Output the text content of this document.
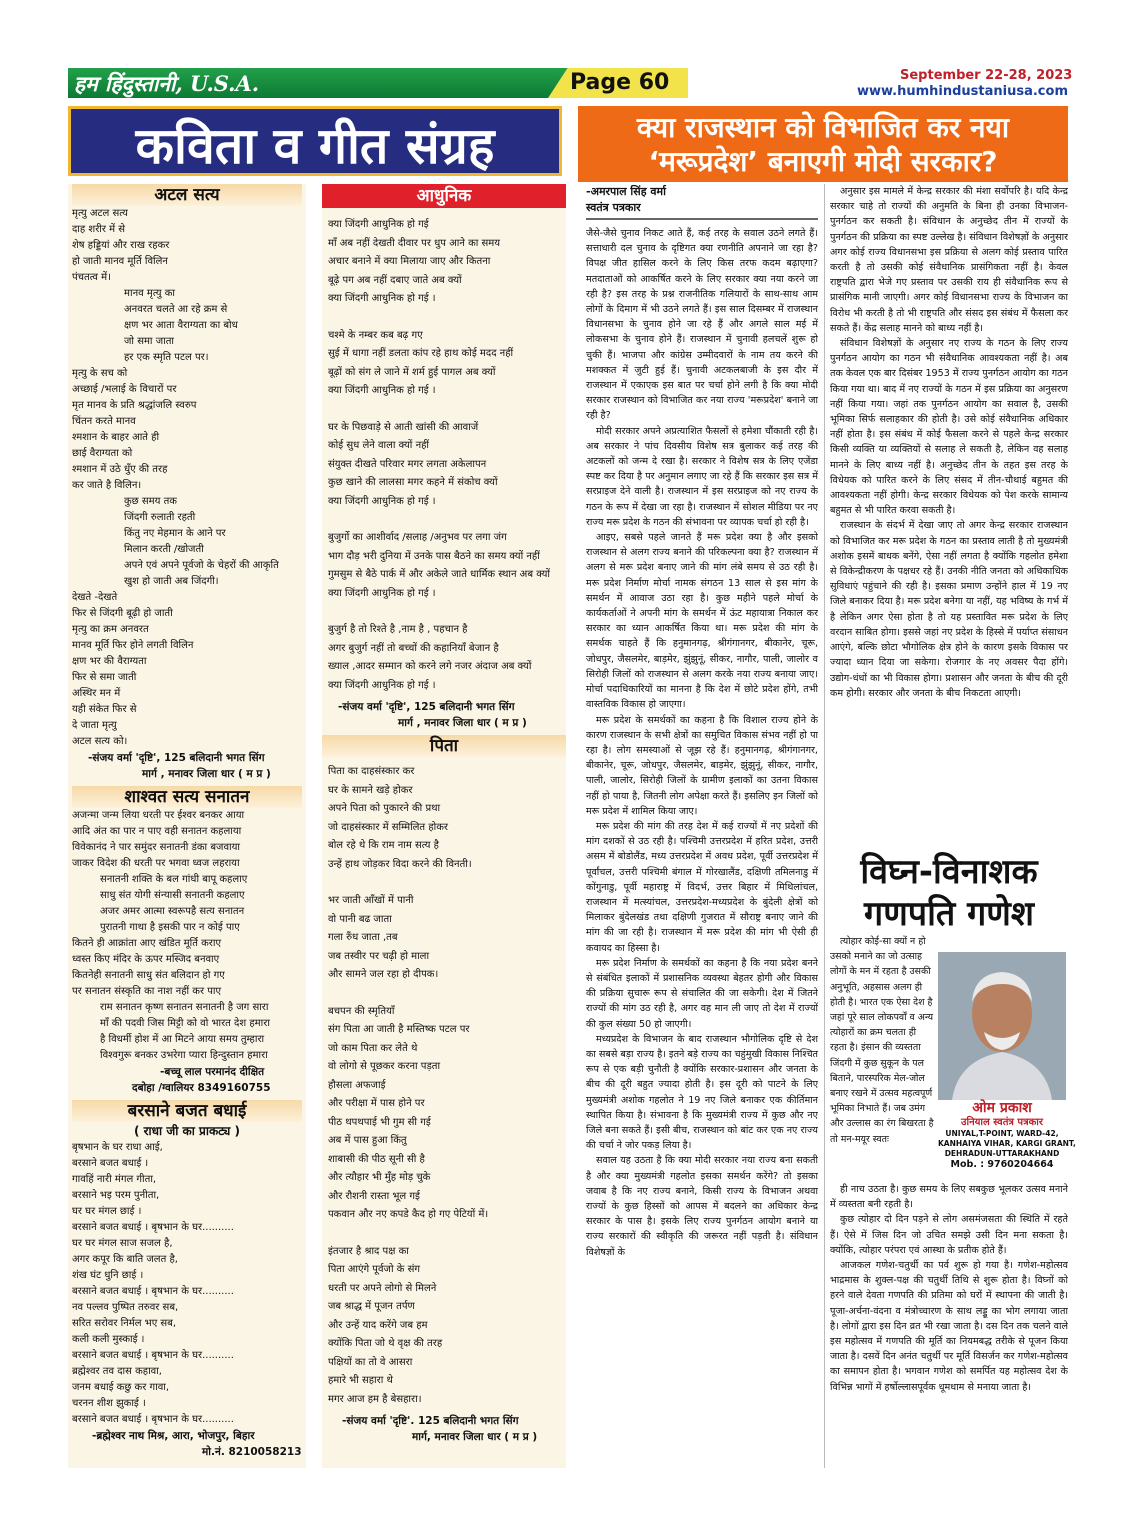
हम हिंदुस्तानी, U.S.A.	Page 60	September 22-28, 2023
www.humhindustaniusa.com
कविता व गीत संग्रह	क्या राजस्थान को विभाजित कर नया
‘मरूप्रदेश’ बनाएगी मोदी सरकार?
अटल सत्य
मृत्यु अटल सत्य
दाह शरीर में से
शेष हड्डियां और राख रहकर
हो जाती मानव मूर्ति विलिन
पंचतत्व में।
मानव मृत्यु का
अनवरत चलते आ रहे क्रम से
क्षण भर आता वैराग्यता का बोध
जो समा जाता
हर एक स्मृति पटल पर।
मृत्यु के सच को
अच्छाई /भलाई के विचारों पर
मृत मानव के प्रति श्रद्धांजलि स्वरुप
चिंतन करते मानव
श्मशान के बाहर आते ही
छाई वैराग्यता को
श्मशान में उठे धुँए की तरह
कर जाते है विलिन।
कुछ समय तक
जिंदगी रुलाती रहती
किंतु नए मेहमान के आने पर
मिलान करती /खोजती
अपने एवं अपने पूर्वजो के चेहरों की आकृति
खुश हो जाती अब जिंदगी।
देखते -देखते
फिर से जिंदगी बूढ़ी हो जाती
मृत्यु का क्रम अनवरत
मानव मूर्ति फिर होने लगती विलिन
क्षण भर की वैराग्यता
फिर से समा जाती
अस्थिर मन में
यही संकेत फिर से
दे जाता मृत्यु
अटल सत्य को।
-संजय वर्मा 'दृष्टि', 125 बलिदानी भगत सिंग
मार्ग , मनावर जिला धार ( म प्र )
शाश्वत सत्य सनातन
अजन्मा जन्म लिया धरती पर ईश्वर बनकर आया
आदि अंत का पार न पाए वही सनातन कहलाया
विवेकानंद ने पार समुंदर सनातनी डंका बजवाया
जाकर विदेश की धरती पर भगवा ध्वज लहराया
सनातनी शक्ति के बल गांधी बापू कहलाए
साधु संत योगी संन्यासी सनातनी कहलाए
अजर अमर आत्मा स्वरूपहै सत्य सनातन
पुरातनी गाथा है इसकी पार न कोई पाए
कितने ही आक्रांता आए खंडित मूर्ति कराए
ध्वस्त किए मंदिर के ऊपर मस्जिद बनवाए
कितनेही सनातनी साधु संत बलिदान हो गए
पर सनातन संस्कृति का नाश नहीं कर पाए
राम सनातन कृष्ण सनातन सनातनी है जग सारा
माँ की पदवी जिस मिट्टी को वो भारत देश हमारा
है विधर्मी होश में आ मिटने आया समय तुम्हारा
विश्वगुरू बनकर उभरेगा प्यारा हिन्दुस्तान हमारा
-बच्चू लाल परमानंद दीक्षित
दबोहा /ग्वालियर 8349160755
बरसाने बजत बधाई
( राधा जी का प्राकट्य )
बृषभान के घर राधा आई,
बरसाने बजत बधाई ।
गावहिं नारी मंगल गीता,
बरसाने भइ परम पुनीता,
घर घर मंगल छाई ।
बरसाने बजत बधाई । बृषभान के घर..........
घर घर मंगल साज सजल है,
अगर कपूर कि बाति जलत है,
शंख घंट धुनि छाई ।
बरसाने बजत बधाई । बृषभान के घर..........
नव पल्लव पुष्पित तरुवर सब,
सरित सरोवर निर्मल भए सब,
कली कली मुस्काई ।
बरसाने बजत बधाई । बृषभान के घर..........
ब्रह्मेश्वर तव दास कहावा,
जनम बधाई कछु कर गावा,
चरनन शीश झुकाई ।
बरसाने बजत बधाई । बृषभान के घर..........
-ब्रह्मेश्वर नाथ मिश्र, आरा, भोजपुर, बिहार
मो.नं. 8210058213
आधुनिक
क्या जिंदगी आधुनिक हो गई
माँ अब नहीं देखती दीवार पर धुप आने का समय
अचार बनाने में क्या मिलाया जाए और कितना
बूढ़े पग अब नहीं दबाए जाते अब क्यों
क्या जिंदगी आधुनिक हो गई ।
चश्मे के नम्बर कब बढ़ गए
सुई में धागा नहीं डलता कांप रहे हाथ कोई मदद नहीं
बूढ़ों को संग ले जाने में शर्म हुई पागल अब क्यों
क्या जिंदगी आधुनिक हो गई ।
घर के पिछवाड़े से आती खांसी की आवाजें
कोई सुध लेने वाला क्यों नहीं
संयुक्त दीखते परिवार मगर लगता अकेलापन
कुछ खाने की लालसा मगर कहने में संकोच क्यों
क्या जिंदगी आधुनिक हो गई ।
बुजुर्गो का आशीर्वाद /सलाह /अनुभव पर लगा जंग
भाग दौड़ भरी दुनिया में उनके पास बैठने का समय क्यों नहीं
गुमसुम से बैठे पार्क में और अकेले जाते धार्मिक स्थान अब क्यों
क्या जिंदगी आधुनिक हो गई ।
बुजुर्ग है तो रिश्ते है ,नाम है , पहचान है
अगर बुजुर्ग नहीं तो बच्चों की कहानियाँ बेजान है
ख्याल ,आदर सम्मान को करने लगे नजर अंदाज अब क्यों
क्या जिंदगी आधुनिक हो गई ।
-संजय वर्मा 'दृष्टि', 125 बलिदानी भगत सिंग
मार्ग , मनावर जिला धार ( म प्र )
पिता
पिता का दाहसंस्कार कर
घर के सामने खड़े होकर
अपने पिता को पुकारने की प्रथा
जो दाहसंस्कार में सम्मिलित होकर
बोल रहे थे कि राम नाम सत्य है
उन्हें हाथ जोड़कर विदा करने की विनती।
भर जाती आँखों में पानी
वो पानी बढ जाता
गला रुँध जाता ,तब
जब तस्वीर पर चढ़ी हो माला
और सामने जल रहा हो दीपक।
बचपन की स्मृतियाँ
संग पिता आ जाती है मस्तिष्क पटल पर
जो काम पिता कर लेते थे
वो लोगो से पूछकर करना पड़ता
हौसला अफजाई
और परीक्षा में पास होने पर
पीठ थपथपाई भी गुम सी गई
अब में पास हुआ किंतु
शाबासी की पीठ सूनी सी है
और त्यौहार भी मुँह मोड़ चुके
और रौशनी रास्ता भूल गई
पकवान और नए कपडे कैद हो गए पेटियों में।
इंतजार है श्राद पक्ष का
पिता आएंगे पूर्वजो के संग
धरती पर अपने लोगो से मिलने
जब श्राद्ध में पूजन तर्पण
और उन्हें याद करेंगे जब हम
क्योंकि पिता जो थे वृक्ष की तरह
पक्षियों का तो वे आसरा
हमारे भी सहारा थे
मगर आज हम है बेसहारा।
-संजय वर्मा 'दृष्टि'. 125 बलिदानी भगत सिंग
मार्ग, मनावर जिला धार ( म प्र )
-अमरपाल सिंह वर्मा
स्वतंत्र पत्रकार

जैसे-जैसे चुनाव निकट आते हैं, कई तरह के सवाल उठने लगते हैं। सत्ताधारी दल चुनाव के दृष्टिगत क्या रणनीति अपनाने जा रहा है? विपक्ष जीत हासिल करने के लिए किस तरफ कदम बढ़ाएगा? मतदाताओं को आकर्षित करने के लिए सरकार क्या नया करने जा रही है? इस तरह के प्रश्न राजनीतिक गलियारों के साथ-साथ आम लोगों के दिमाग में भी उठने लगते हैं। इस साल दिसम्बर में राजस्थान विधानसभा के चुनाव होने जा रहे हैं और अगले साल मई में लोकसभा के चुनाव होने हैं। राजस्थान में चुनावी हलचलें शुरू हो चुकी हैं। भाजपा और कांग्रेस उम्मीदवारों के नाम तय करने की मशक्कत में जुटी हुई हैं। चुनावी अटकलबाजी के इस दौर में राजस्थान में एकाएक इस बात पर चर्चा होने लगी है कि क्या मोदी सरकार राजस्थान को विभाजित कर नया राज्य 'मरूप्रदेश' बनाने जा रही है?

मोदी सरकार अपने अप्रत्याशित फैसलों से हमेशा चौंकाती रही है। अब सरकार ने पांच दिवसीय विशेष सत्र बुलाकर कई तरह की अटकलों को जन्म दे रखा है। सरकार ने विशेष सत्र के लिए एजेंडा स्पष्ट कर दिया है पर अनुमान लगाए जा रहे हैं कि सरकार इस सत्र में सरप्राइज देने वाली है। राजस्थान में इस सरप्राइज को नए राज्य के गठन के रूप में देखा जा रहा है। राजस्थान में सोशल मीडिया पर नए राज्य मरू प्रदेश के गठन की संभावना पर व्यापक चर्चा हो रही है।

आइए, सबसे पहले जानते हैं मरू प्रदेश क्या है और इसको राजस्थान से अलग राज्य बनाने की परिकल्पना क्या है? राजस्थान में अलग से मरू प्रदेश बनाए जाने की मांग लंबे समय से उठ रही है। मरू प्रदेश निर्माण मोर्चा नामक संगठन 13 साल से इस मांग के समर्थन में आवाज उठा रहा है। कुछ महीने पहले मोर्चा के कार्यकर्ताओं ने अपनी मांग के समर्थन में ऊंट महायात्रा निकाल कर सरकार का ध्यान आकर्षित किया था। मरू प्रदेश की मांग के समर्थक चाहते हैं कि हनुमानगढ़, श्रीगंगानगर, बीकानेर, चूरू, जोधपुर, जैसलमेर, बाड़मेर, झुंझुनूं, सीकर, नागौर, पाली, जालोर व सिरोही जिलों को राजस्थान से अलग करके नया राज्य बनाया जाए। मोर्चा पदाधिकारियों का मानना है कि देश में छोटे प्रदेश होंगे, तभी वास्तविक विकास हो जाएगा।

मरू प्रदेश के समर्थकों का कहना है कि विशाल राज्य होने के कारण राजस्थान के सभी क्षेत्रों का समुचित विकास संभव नहीं हो पा रहा है। लोग समस्याओं से जूझ रहे हैं। हनुमानगढ़, श्रीगंगानगर, बीकानेर, चूरू, जोधपुर, जैसलमेर, बाड़मेर, झुंझुनूं, सीकर, नागौर, पाली, जालोर, सिरोही जिलों के ग्रामीण इलाकों का उतना विकास नहीं हो पाया है, जितनी लोग अपेक्षा करते हैं। इसलिए इन जिलों को मरू प्रदेश में शामिल किया जाए।

मरू प्रदेश की मांग की तरह देश में कई राज्यों में नए प्रदेशों की मांग दशकों से उठ रही है। पश्चिमी उत्तरप्रदेश में हरित प्रदेश, उत्तरी असम में बोडोलैंड, मध्य उत्तरप्रदेश में अवध प्रदेश, पूर्वी उत्तरप्रदेश में पूर्वांचल, उत्तरी पश्चिमी बंगाल में गोरखालैंड, दक्षिणी तमिलनाडु में कोंगुनाडु, पूर्वी महाराष्ट्र में विदर्भ, उत्तर बिहार में मिथिलांचल, राजस्थान में मत्स्यांचल, उत्तरप्रदेश-मध्यप्रदेश के बुंदेली क्षेत्रों को मिलाकर बुंदेलखंड तथा दक्षिणी गुजरात में सौराष्ट्र बनाए जाने की मांग की जा रही है। राजस्थान में मरू प्रदेश की मांग भी ऐसी ही कवायद का हिस्सा है।

मरू प्रदेश निर्माण के समर्थकों का कहना है कि नया प्रदेश बनने से संबंधित इलाकों में प्रशासनिक व्यवस्था बेहतर होगी और विकास की प्रक्रिया सुचारू रूप से संचालित की जा सकेगी। देश में जितने राज्यों की मांग उठ रही है, अगर वह मान ली जाए तो देश में राज्यों की कुल संख्या 50 हो जाएगी।

मध्यप्रदेश के विभाजन के बाद राजस्थान भौगोलिक दृष्टि से देश का सबसे बड़ा राज्य है। इतने बड़े राज्य का चहुंमुखी विकास निश्चित रूप से एक बड़ी चुनौती है क्योंकि सरकार-प्रशासन और जनता के बीच की दूरी बहुत ज्यादा होती है। इस दूरी को पाटने के लिए मुख्यमंत्री अशोक गहलोत ने 19 नए जिले बनाकर एक कीर्तिमान स्थापित किया है। संभावना है कि मुख्यमंत्री राज्य में कुछ और नए जिले बना सकते हैं। इसी बीच, राजस्थान को बांट कर एक नए राज्य की चर्चा ने जोर पकड़ लिया है।

सवाल यह उठता है कि क्या मोदी सरकार नया राज्य बना सकती है और क्या मुख्यमंत्री गहलोत इसका समर्थन करेंगे? तो इसका जवाब है कि नए राज्य बनाने, किसी राज्य के विभाजन अथवा राज्यों के कुछ हिस्सों को आपस में बदलने का अधिकार केन्द्र सरकार के पास है। इसके लिए राज्य पुनर्गठन आयोग बनाने या राज्य सरकारों की स्वीकृति की जरूरत नहीं पड़ती है। संविधान विशेषज्ञों के

अनुसार इस मामले में केन्द्र सरकार की मंशा सर्वोपरि है। यदि केन्द्र सरकार चाहे तो राज्यों की अनुमति के बिना ही उनका विभाजन-पुनर्गठन कर सकती है। संविधान के अनुच्छेद तीन में राज्यों के पुनर्गठन की प्रक्रिया का स्पष्ट उल्लेख है। संविधान विशेषज्ञों के अनुसार अगर कोई राज्य विधानसभा इस प्रक्रिया से अलग कोई प्रस्ताव पारित करती है तो उसकी कोई संवैधानिक प्रासंगिकता नहीं है। केवल राष्ट्रपति द्वारा भेजे गए प्रस्ताव पर उसकी राय ही संवैधानिक रूप से प्रासंगिक मानी जाएगी। अगर कोई विधानसभा राज्य के विभाजन का विरोध भी करती है तो भी राष्ट्रपति और संसद इस संबंध में फैसला कर सकते हैं। केंद्र सलाह मानने को बाध्य नहीं है।

संविधान विशेषज्ञों के अनुसार नए राज्य के गठन के लिए राज्य पुनर्गठन आयोग का गठन भी संवैधानिक आवश्यकता नहीं है। अब तक केवल एक बार दिसंबर 1953 में राज्य पुनर्गठन आयोग का गठन किया गया था। बाद में नए राज्यों के गठन में इस प्रक्रिया का अनुसरण नहीं किया गया। जहां तक पुनर्गठन आयोग का सवाल है, उसकी भूमिका सिर्फ सलाहकार की होती है। उसे कोई संवैधानिक अधिकार नहीं होता है। इस संबंध में कोई फैसला करने से पहले केन्द्र सरकार किसी व्यक्ति या व्यक्तियों से सलाह ले सकती है, लेकिन वह सलाह मानने के लिए बाध्य नहीं है। अनुच्छेद तीन के तहत इस तरह के विधेयक को पारित करने के लिए संसद में तीन-चौथाई बहुमत की आवश्यकता नहीं होगी। केन्द्र सरकार विधेयक को पेश करके सामान्य बहुमत से भी पारित करवा सकती है।

राजस्थान के संदर्भ में देखा जाए तो अगर केन्द्र सरकार राजस्थान को विभाजित कर मरू प्रदेश के गठन का प्रस्ताव लाती है तो मुख्यमंत्री अशोक इसमें बाधक बनेंगे, ऐसा नहीं लगता है क्योंकि गहलोत हमेशा से विकेन्द्रीकरण के पक्षधर रहे हैं। उनकी नीति जनता को अधिकाधिक सुविधाएं पहुंचाने की रही है। इसका प्रमाण उन्होंने हाल में 19 नए जिले बनाकर दिया है। मरू प्रदेश बनेगा या नहीं, यह भविष्य के गर्भ में है लेकिन अगर ऐसा होता है तो यह प्रस्तावित मरू प्रदेश के लिए वरदान साबित होगा। इससे जहां नए प्रदेश के हिस्से में पर्याप्त संसाधन आएंगे, बल्कि छोटा भौगोलिक क्षेत्र होने के कारण इसके विकास पर ज्यादा ध्यान दिया जा सकेगा। रोजगार के नए अवसर पैदा होंगे। उद्योग-धंधों का भी विकास होगा। प्रशासन और जनता के बीच की दूरी कम होगी। सरकार और जनता के बीच निकटता आएगी।

विघ्न-विनाशक
गणपति गणेश

त्योहार कोई-सा क्यों न हो उसको मनाने का जो उत्साह लोगों के मन में रहता है उसकी अनुभूति, अहसास अलग ही होती है। भारत एक ऐसा देश है जहां पूरे साल लोकपर्वों व अन्य त्योहारों का क्रम चलता ही रहता है। इंसान की व्यस्तता जिंदगी में कुछ सुकून के पल बिताने, पारस्परिक मेल-जोल बनाए रखने में उत्सव महत्वपूर्ण भूमिका निभाते हैं। जब उमंग और उल्लास का रंग बिखरता है तो मन-मयूर स्वतः

ओम प्रकाश
उनियाल स्वतंत्र पत्रकार
UNIYAL,T-POINT, WARD-42,
KANHAIYA VIHAR, KARGI GRANT,
DEHRADUN-UTTARAKHAND
Mob. : 9760204664

ही नाच उठता है। कुछ समय के लिए सबकुछ भूलकर उत्सव मनाने में व्यस्तता बनी रहती है।

कुछ त्योहार दो दिन पड़ने से लोग असमंजसता की स्थिति में रहते हैं। ऐसे में जिस दिन जो उचित समझे उसी दिन मना सकता है। क्योंकि, त्योहार परंपरा एवं आस्था के प्रतीक होते हैं।

आजकल गणेश-चतुर्थी का पर्व शुरू हो गया है। गणेश-महोत्सव भाद्रमास के शुक्ल-पक्ष की चतुर्थी तिथि से शुरू होता है। विघ्नों को हरने वाले देवता गणपति की प्रतिमा को घरों में स्थापना की जाती है। पूजा-अर्चना-वंदना व मंत्रोच्चारण के साथ लड्डू का भोग लगाया जाता है। लोगों द्वारा इस दिन व्रत भी रखा जाता है। दस दिन तक चलने वाले इस महोत्सव में गणपति की मूर्ति का नियमबद्ध तरीके से पूजन किया जाता है। दसवें दिन अनंत चतुर्थी पर मूर्ति विसर्जन कर गणेश-महोत्सव का समापन होता है। भगवान गणेश को समर्पित यह महोत्सव देश के विभिन्न भागों में हर्षोल्लासपूर्वक धूमधाम से मनाया जाता है।
